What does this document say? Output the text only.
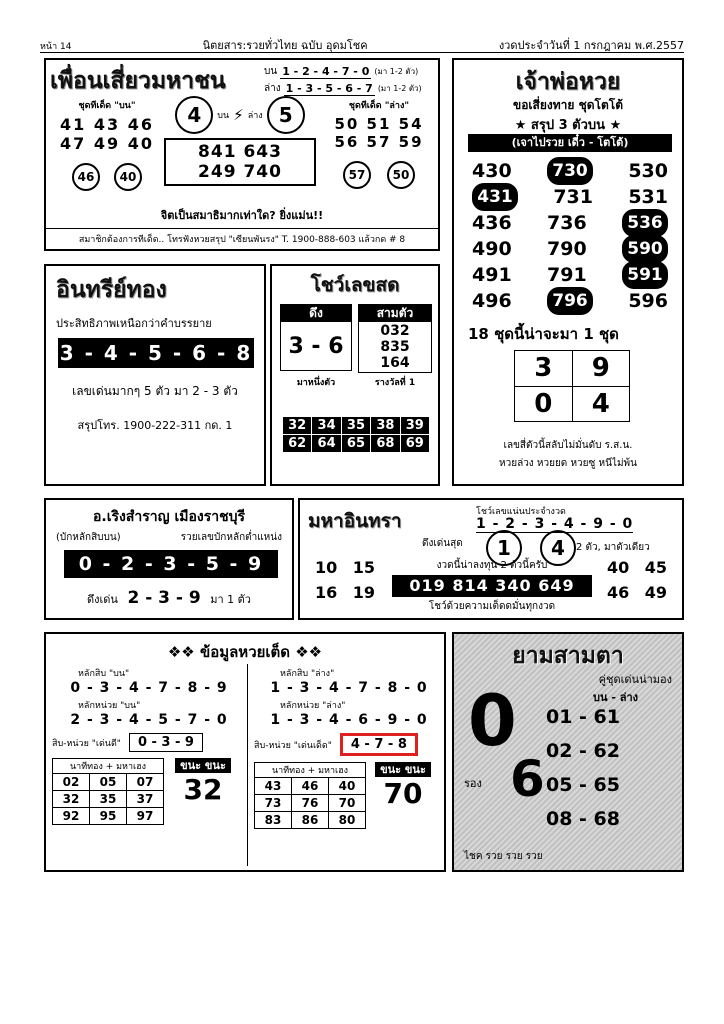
หน้า 14	นิตยสาร:รวยทั่วไทย ฉบับ อุดมโชค	งวดประจำวันที่ 1 กรกฎาคม พ.ศ.2557
เพื่อนเสี่ยวมหาชน	บน 1 - 2 - 4 - 7 - 0 (มา 1-2 ตัว)
ล่าง 1 - 3 - 5 - 6 - 7 (มา 1-2 ตัว)
ชุดทีเด็ด "บน"
41 43 46
47 49 40
46	40
4	บน ⚡ ล่าง 5
841 643
249 740
ชุดทีเด็ด "ล่าง"
50 51 54
56 57 59
57	50
จิตเป็นสมาธิมากเท่าใด? ยิ่งแม่น!!
สมาชิกต้องการทีเด็ด.. โทรฟังหวยสรุป "เซียนพันรง" T. 1900-888-603 แล้วกด # 8
อินทรีย์ทอง
ประสิทธิภาพเหนือกว่าคำบรรยาย
3 - 4 - 5 - 6 - 8
เลขเด่นมากๆ 5 ตัว มา 2 - 3 ตัว
สรุปโทร. 1900-222-311 กด. 1
โชว์เลขสด
ดึง
3 - 6
มาหนึ่งตัว
สามตัว
032
835
164
รางวัลที่ 1
32	34	35	38	39
62	64	65	68	69
เจ้าพ่อหวย
ขอเสี่ยงทาย ชุดโตโต้
★ สรุป 3 ตัวบน ★
(เจาไปรวย เดี๋ว - โตโต้)
430	730 530
431 731 531
436 736	536
490 790	590
491 791	591
496	796 596
18 ชุดนี้น่าจะมา 1 ชุด
3	9
0	4
เลขสี่ตัวนี้สลับไม่มั่นดับ ร.ส.น.
หวยล่วง หวยยด หวยซู หนีไม่พ้น
อ.เริงสำราญ เมืองราชบุรี
(บักหลักสิบบน)	รวยเลขบักหลักต่ำแหน่ง
0 - 2 - 3 - 5 - 9
ดึงเด่น 2 - 3 - 9 มา 1 ตัว
มหาอินทรา	โชว์เลขแน่นประจำงวด
1 - 2 - 3 - 4 - 9 - 0
ดึงเด่นสุด	1	4	2 ตัว, มาตัวเดียว
10 15
16 19
งวดนี้น่าลงทุน 2 ตัวนี้ครับ
019 814 340 649
โชว์ด้วยความเต็ดดมั่นทุกงวด
40 45
46 49
❖❖ ข้อมูลหวยเต็ด ❖❖
หลักสิบ "บน"
0 - 3 - 4 - 7 - 8 - 9
หลักหน่วย "บน"
2 - 3 - 4 - 5 - 7 - 0
สิบ-หน่วย "เด่นดี"	0 - 3 - 9
นาทีทอง + มหาเฮง
02	05	07
32	35	37
92	95	97
ขนะ ขนะ
32
หลักสิบ "ล่าง"
1 - 3 - 4 - 7 - 8 - 0
หลักหน่วย "ล่าง"
1 - 3 - 4 - 6 - 9 - 0
สิบ-หน่วย "เด่นเด็ด"	4 - 7 - 8
นาทีทอง + มหาเฮง
43	46	40
73	76	70
83	86	80
ขนะ ขนะ
70
ยามสามตา
คู่ชุดเด่นน่ามอง
บน - ล่าง
0
รอง 6
01 - 61
02 - 62
05 - 65
08 - 68
ไชค รวย รวย รวย
